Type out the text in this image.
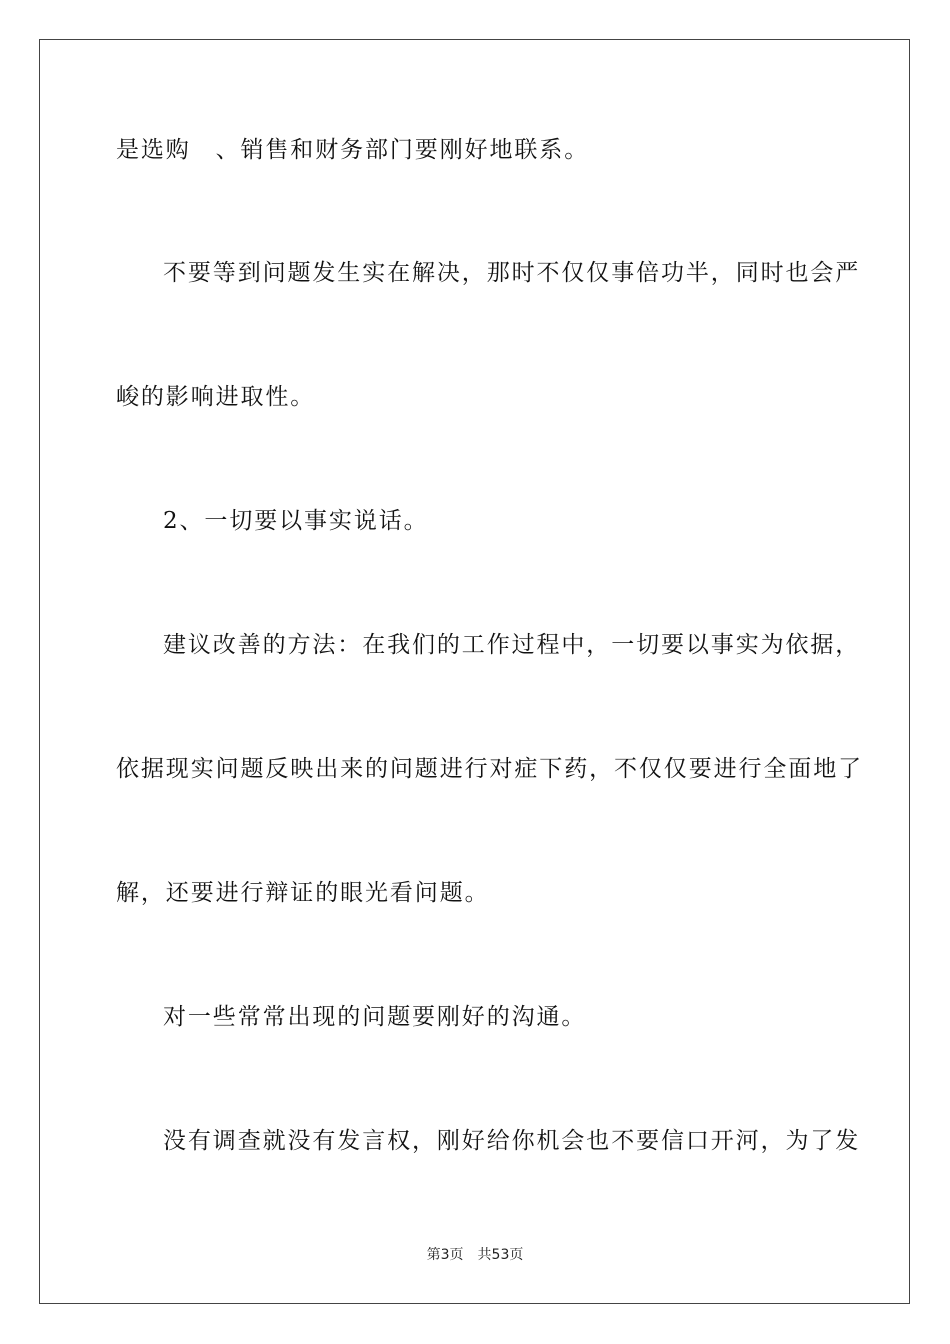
是选购　、销售和财务部门要刚好地联系。
不要等到问题发生实在解决，那时不仅仅事倍功半，同时也会严
峻的影响进取性。
2、一切要以事实说话。
建议改善的方法：在我们的工作过程中，一切要以事实为依据，
依据现实问题反映出来的问题进行对症下药，不仅仅要进行全面地了
解，还要进行辩证的眼光看问题。
对一些常常出现的问题要刚好的沟通。
没有调查就没有发言权，刚好给你机会也不要信口开河，为了发
第3页 共53页
